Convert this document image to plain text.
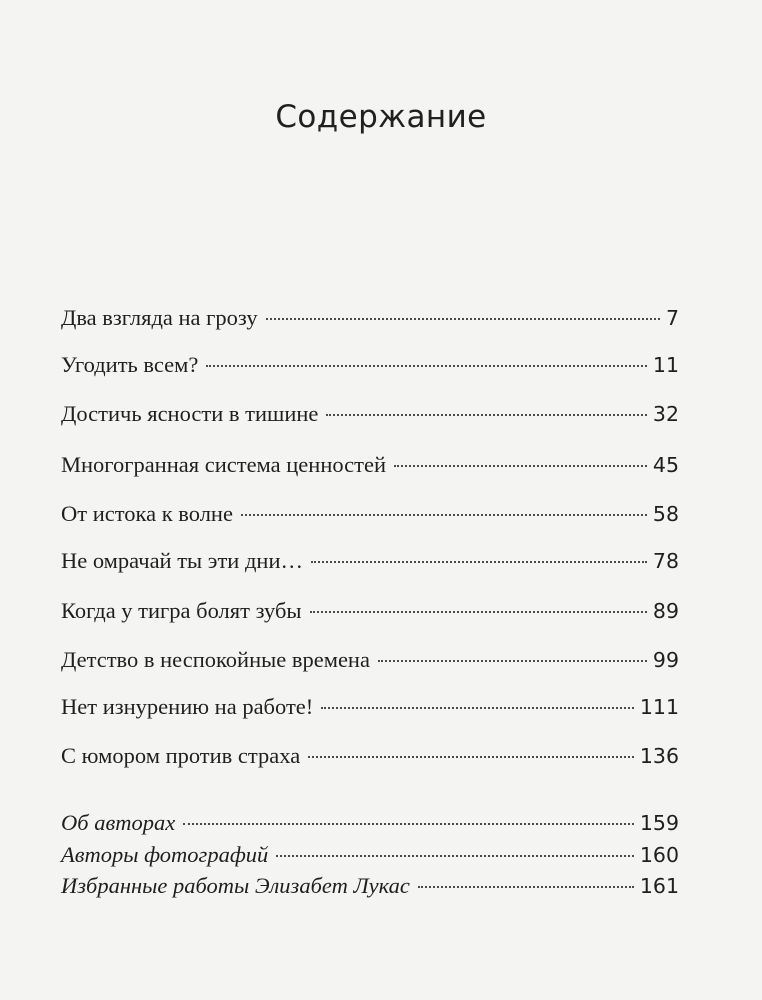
Содержание
Два взгляда на грозу	7
Угодить всем?	11
Достичь ясности в тишине	32
Многогранная система ценностей	45
От истока к волне	58
Не омрачай ты эти дни…	78
Когда у тигра болят зубы	89
Детство в неспокойные времена	99
Нет изнурению на работе!	111
С юмором против страха	136
Об авторах	159
Авторы фотографий	160
Избранные работы Элизабет Лукас	161
